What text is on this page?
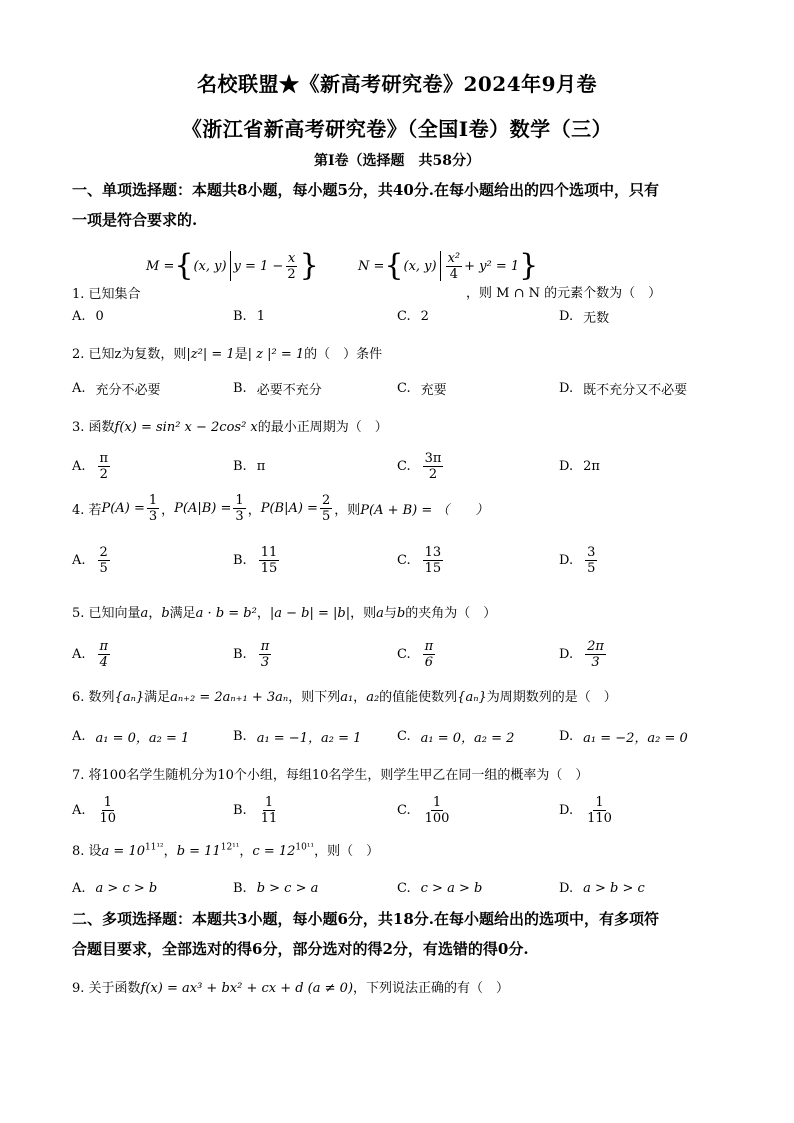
名校联盟★《新高考研究卷》2024年9月卷
《浙江省新高考研究卷》（全国I卷）数学（三）
第I卷（选择题　共58分）
一、单项选择题：本题共8小题，每小题5分，共40分.在每小题给出的四个选项中，只有
一项是符合要求的.
1. 已知集合
M = { (x, y) $y = 1 - \frac{x}{2}$ }	N = { (x, $y) \frac{\text{x²}}{4} + y^2 = 1$ }
，则 M ∩ N 的元素个数为（　）
A. 0	B. 1	C. 2	D. 无数
2. 已知z为复数，则|z²| = 1是| z |² = 1的（　）条件
A. 充分不必要	B. 必要不充分	C. 充要	D. 既不充分又不必要
3. 函数f(x) = sin² x − 2cos² x的最小正周期为（　）
A. $\frac{\pi}{2}$	B. π	C. $\frac{3\pi}{2}$	D. 2π
4. 若 $P(A) = \frac{1}{3}$ ， $P(A|B) = \frac{1}{3}$ ， $P(B|A) = \frac{2}{5}$ ，则 P(A + B) = （　　）
A. $\frac{2}{5}$	B. $\frac{11}{15}$	C. $\frac{13}{15}$	D. $\frac{3}{5}$
5. 已知向量a，b满足a · b = b²，|a − b| = |b|，则a与b的夹角为（　）
A. $\frac{\pi}{4}$	B. $\frac{\pi}{3}$	C. $\frac{\pi}{6}$	D. $\frac{2\pi}{3}$
6. 数列{aₙ}满足aₙ₊₂ = 2aₙ₊₁ + 3aₙ，则下列a₁，a₂的值能使数列{aₙ}为周期数列的是（　）
A. a₁ = 0，a₂ = 1	B. a₁ = −1，a₂ = 1	C. a₁ = 0，a₂ = 2	D. a₁ = −2，a₂ = 0
7. 将100名学生随机分为10个小组，每组10名学生，则学生甲乙在同一组的概率为（　）
A. $\frac{1}{10}$	B. $\frac{1}{11}$	C. $\frac{1}{100}$	D. $\frac{1}{110}$
8. 设$a = 10^{11^{12}}$，$b = 11^{12^{11}}$，$c = 12^{10^{11}}$，则（　）
A. a > c > b	B. b > c > a	C. c > a > b	D. a > b > c
二、多项选择题：本题共3小题，每小题6分，共18分.在每小题给出的选项中，有多项符
合题目要求，全部选对的得6分，部分选对的得2分，有选错的得0分.
9. 关于函数f(x) = ax³ + bx² + cx + d (a ≠ 0)，下列说法正确的有（　）
